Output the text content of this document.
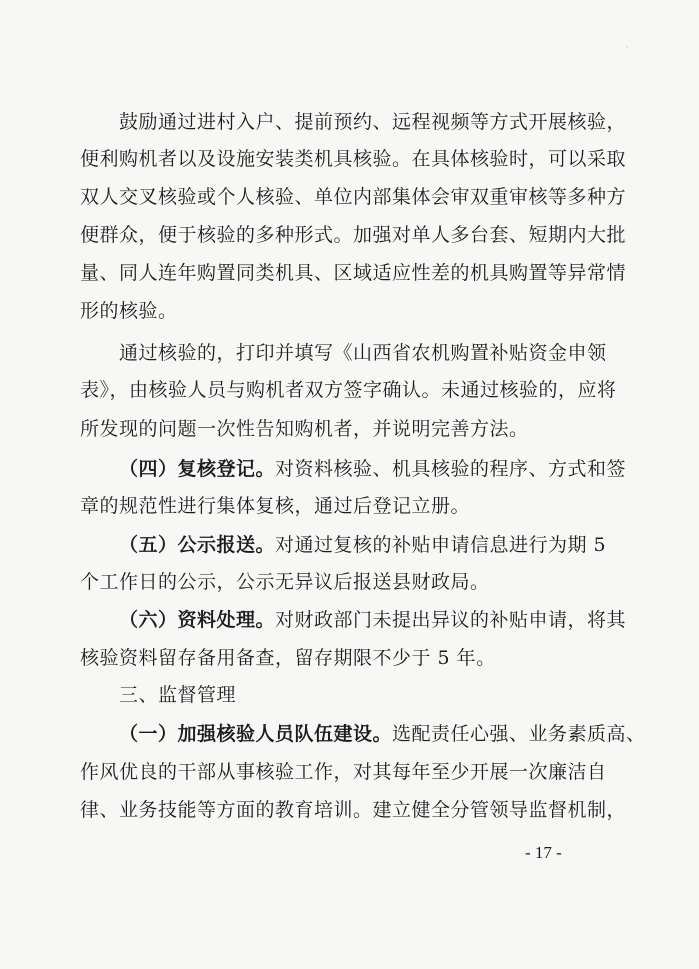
·
鼓励通过进村入户、提前预约、远程视频等方式开展核验，
便利购机者以及设施安装类机具核验。在具体核验时，可以采取
双人交叉核验或个人核验、单位内部集体会审双重审核等多种方
便群众，便于核验的多种形式。加强对单人多台套、短期内大批
量、同人连年购置同类机具、区域适应性差的机具购置等异常情
形的核验。
通过核验的，打印并填写《山西省农机购置补贴资金申领
表》，由核验人员与购机者双方签字确认。未通过核验的，应将
所发现的问题一次性告知购机者，并说明完善方法。
（四）复核登记。对资料核验、机具核验的程序、方式和签
章的规范性进行集体复核，通过后登记立册。
（五）公示报送。对通过复核的补贴申请信息进行为期 5
个工作日的公示，公示无异议后报送县财政局。
（六）资料处理。对财政部门未提出异议的补贴申请，将其
核验资料留存备用备查，留存期限不少于 5 年。
三、监督管理
（一）加强核验人员队伍建设。选配责任心强、业务素质高、
作风优良的干部从事核验工作，对其每年至少开展一次廉洁自
律、业务技能等方面的教育培训。建立健全分管领导监督机制，
- 17 -
